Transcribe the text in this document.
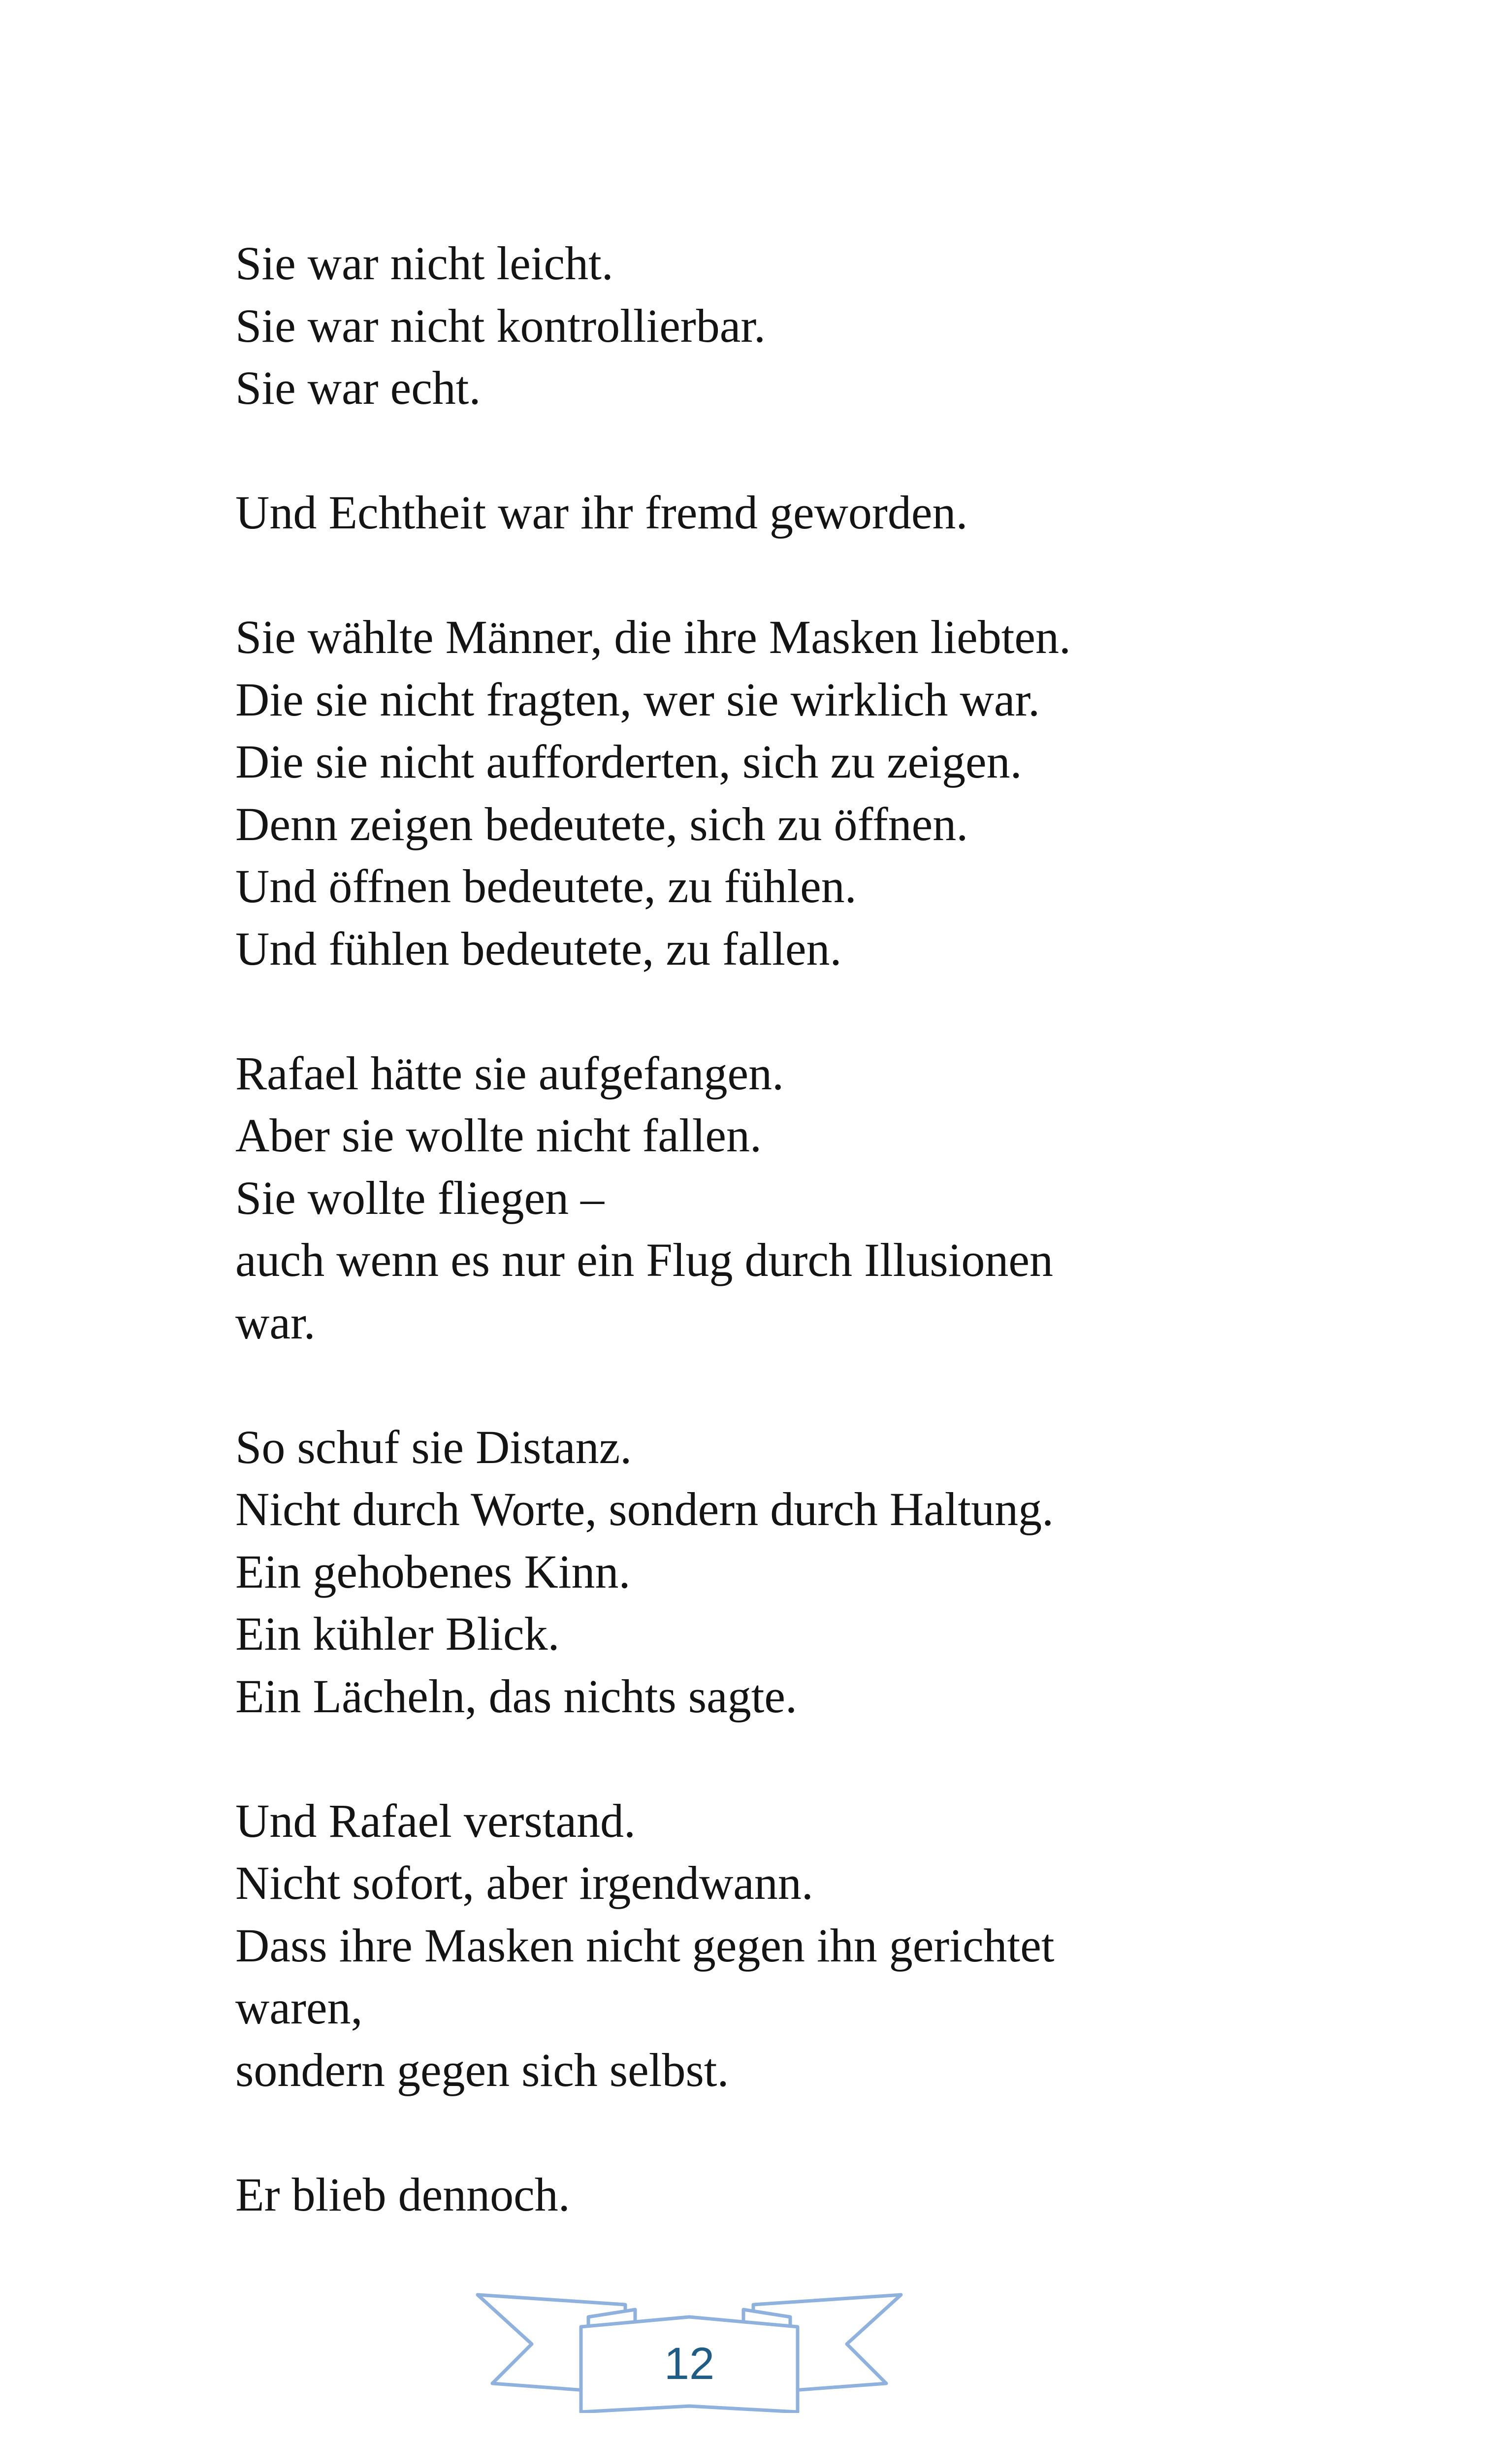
Sie war nicht leicht.
Sie war nicht kontrollierbar.
Sie war echt.
Und Echtheit war ihr fremd geworden.
Sie wählte Männer, die ihre Masken liebten.
Die sie nicht fragten, wer sie wirklich war.
Die sie nicht aufforderten, sich zu zeigen.
Denn zeigen bedeutete, sich zu öffnen.
Und öffnen bedeutete, zu fühlen.
Und fühlen bedeutete, zu fallen.
Rafael hätte sie aufgefangen.
Aber sie wollte nicht fallen.
Sie wollte fliegen –
auch wenn es nur ein Flug durch Illusionen
war.
So schuf sie Distanz.
Nicht durch Worte, sondern durch Haltung.
Ein gehobenes Kinn.
Ein kühler Blick.
Ein Lächeln, das nichts sagte.
Und Rafael verstand.
Nicht sofort, aber irgendwann.
Dass ihre Masken nicht gegen ihn gerichtet
waren,
sondern gegen sich selbst.
Er blieb dennoch.
12
